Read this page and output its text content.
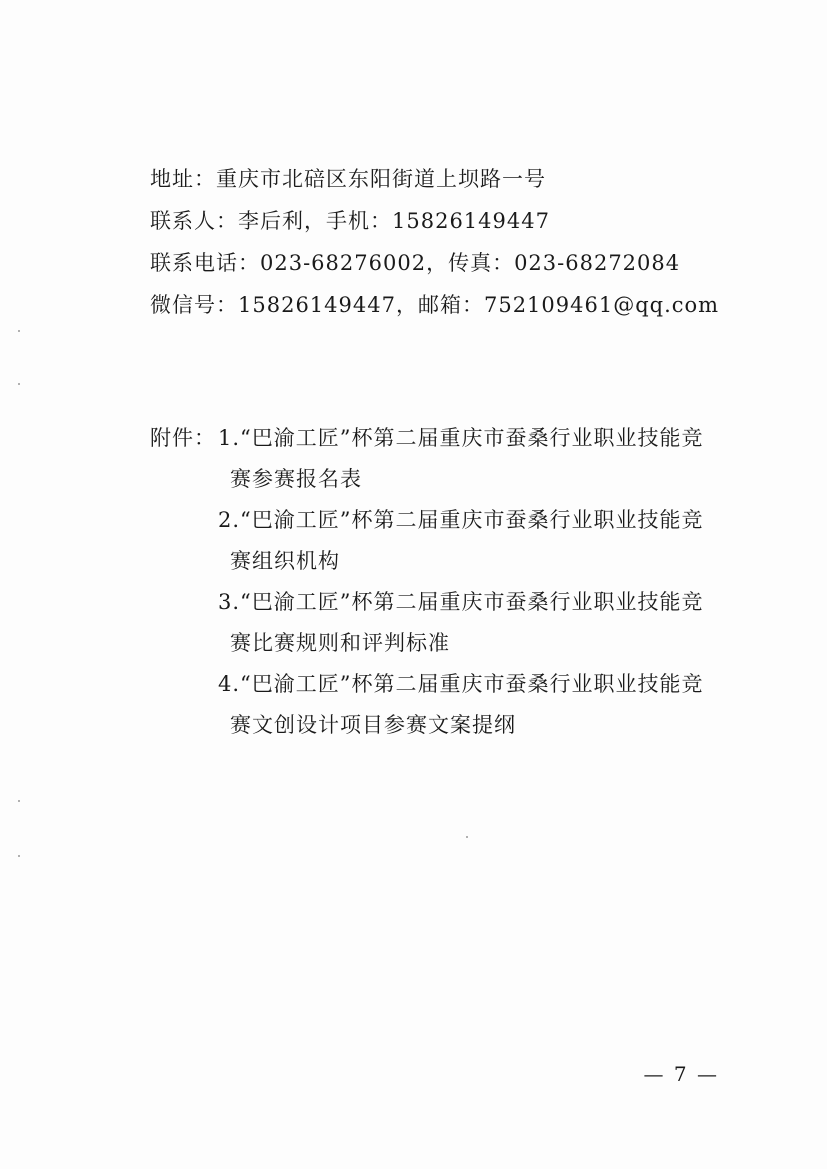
地址：重庆市北碚区东阳街道上坝路一号
联系人：李后利，手机：15826149447
联系电话：023-68276002，传真：023-68272084
微信号：15826149447，邮箱：752109461@qq.com
附件：1.“巴渝工匠”杯第二届重庆市蚕桑行业职业技能竞
赛参赛报名表
2.“巴渝工匠”杯第二届重庆市蚕桑行业职业技能竞
赛组织机构
3.“巴渝工匠”杯第二届重庆市蚕桑行业职业技能竞
赛比赛规则和评判标准
4.“巴渝工匠”杯第二届重庆市蚕桑行业职业技能竞
赛文创设计项目参赛文案提纲
— 7 —
